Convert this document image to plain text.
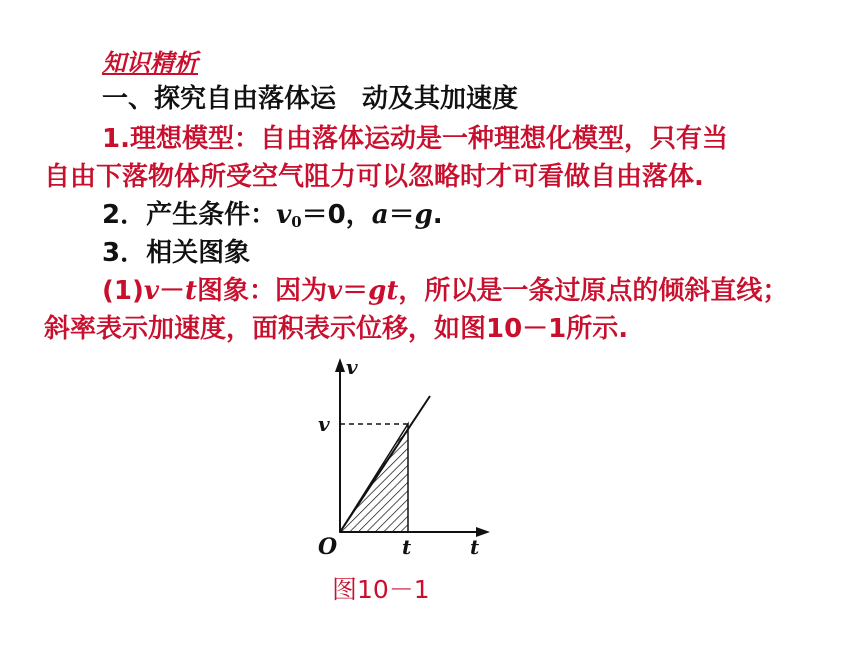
知识精析
一、探究自由落体运　动及其加速度
1.理想模型：自由落体运动是一种理想化模型，只有当
自由下落物体所受空气阻力可以忽略时才可看做自由落体.
2．产生条件：$v_0=0$，a＝g.
3．相关图象
(1)v－t图象：因为v＝gt，所以是一条过原点的倾斜直线；
斜率表示加速度，面积表示位移，如图10－1所示.
v
v
O	t	t
图10－1
